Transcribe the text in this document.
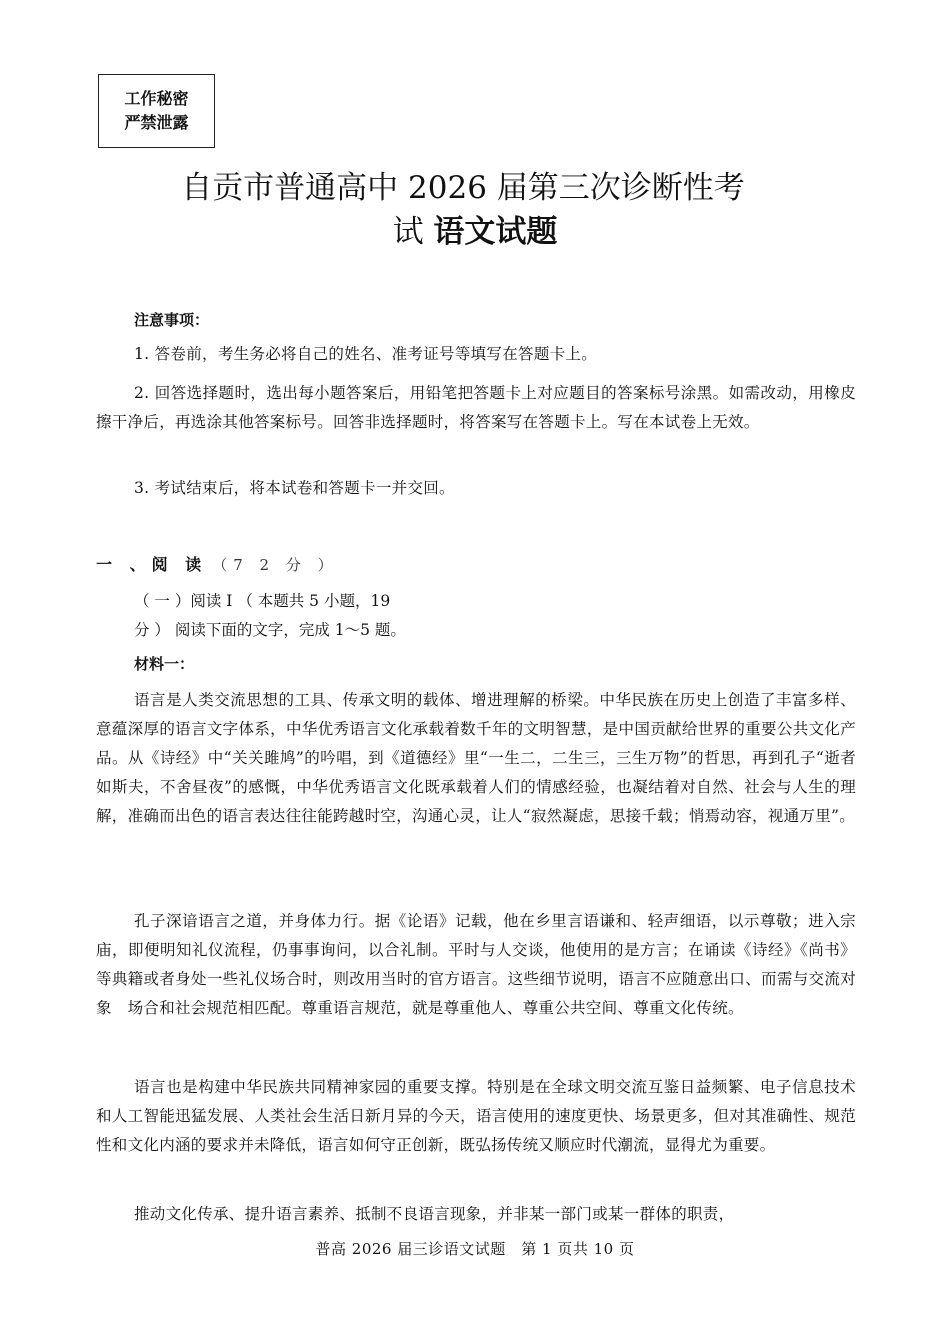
工作秘密
严禁泄露
自贡市普通高中 2026 届第三次诊断性考
试 语文试题
注意事项：
1. 答卷前，考生务必将自己的姓名、准考证号等填写在答题卡上。
2. 回答选择题时，选出每小题答案后，用铅笔把答题卡上对应题目的答案标号涂黑。如需改动，用橡皮擦干净后，再选涂其他答案标号。回答非选择题时，将答案写在答题卡上。写在本试卷上无效。
3. 考试结束后，将本试卷和答题卡一并交回。
一 、阅 读 （7 2 分 ）
（ 一 ）阅读 I （ 本题共 5 小题，19
分 ） 阅读下面的文字，完成 1～5 题。
材料一：
语言是人类交流思想的工具、传承文明的载体、增进理解的桥梁。中华民族在历史上创造了丰富多样、意蕴深厚的语言文字体系，中华优秀语言文化承载着数千年的文明智慧，是中国贡献给世界的重要公共文化产品。从《诗经》中“关关雎鸠”的吟唱，到《道德经》里“一生二，二生三，三生万物”的哲思，再到孔子“逝者如斯夫，不舍昼夜”的感慨，中华优秀语言文化既承载着人们的情感经验，也凝结着对自然、社会与人生的理解，准确而出色的语言表达往往能跨越时空，沟通心灵，让人“寂然凝虑，思接千载；悄焉动容，视通万里”。
孔子深谙语言之道，并身体力行。据《论语》记载，他在乡里言语谦和、轻声细语，以示尊敬；进入宗庙，即便明知礼仪流程，仍事事询问，以合礼制。平时与人交谈，他使用的是方言；在诵读《诗经》《尚书》等典籍或者身处一些礼仪场合时，则改用当时的官方语言。这些细节说明，语言不应随意出口、而需与交流对象　场合和社会规范相匹配。尊重语言规范，就是尊重他人、尊重公共空间、尊重文化传统。
语言也是构建中华民族共同精神家园的重要支撑。特别是在全球文明交流互鉴日益频繁、电子信息技术和人工智能迅猛发展、人类社会生活日新月异的今天，语言使用的速度更快、场景更多，但对其准确性、规范性和文化内涵的要求并未降低，语言如何守正创新，既弘扬传统又顺应时代潮流，显得尤为重要。
推动文化传承、提升语言素养、抵制不良语言现象，并非某一部门或某一群体的职责，
普高 2026 届三诊语文试题　第 1 页共 10 页
